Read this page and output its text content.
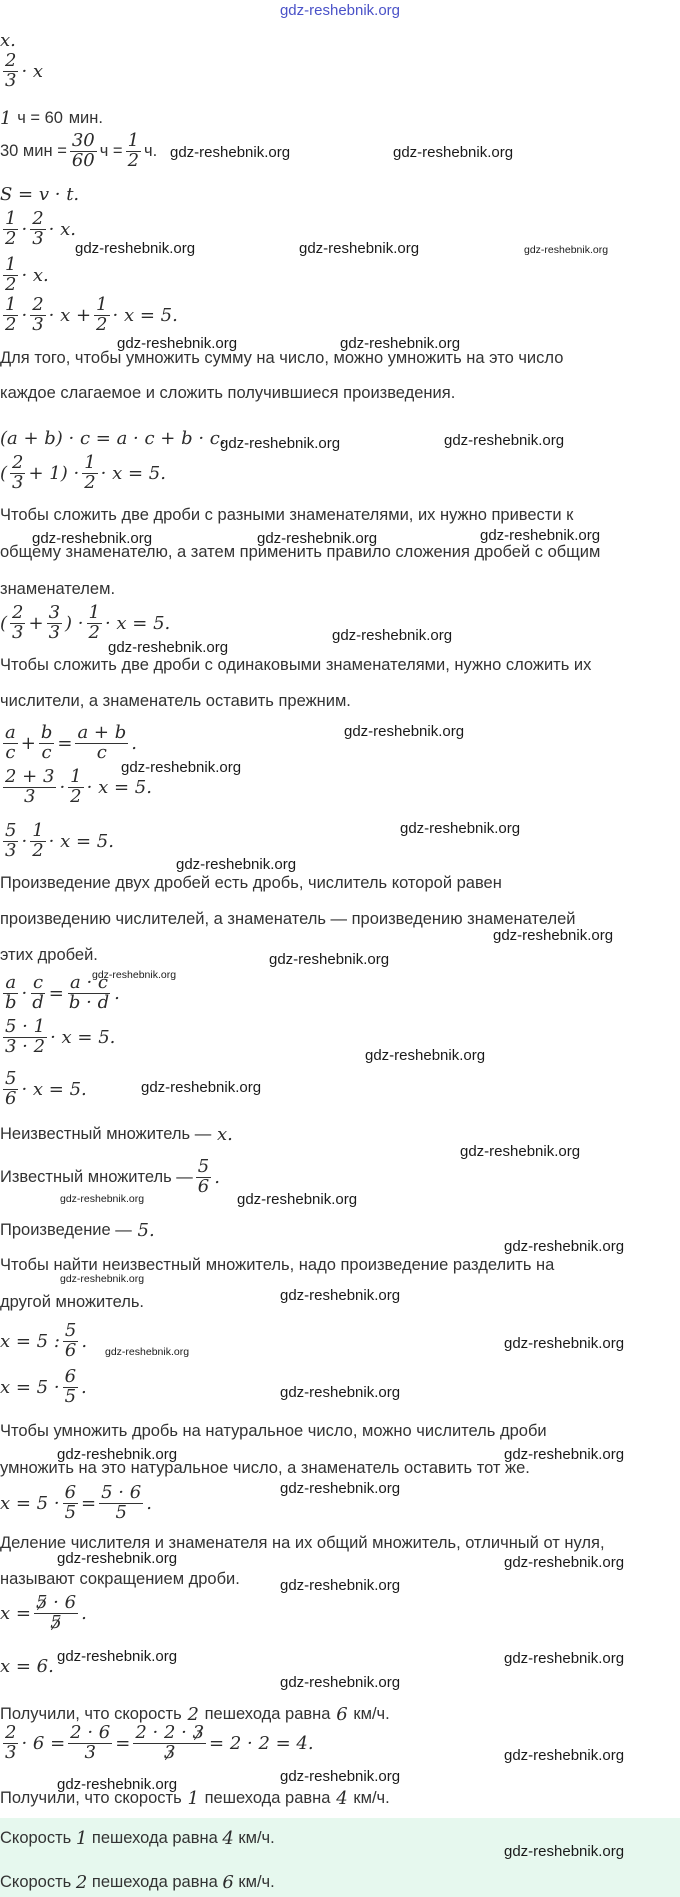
gdz-reshebnik.org
x.
2
3 · x
1
ч = 60
мин.
30 мин = $\frac{30}{60}$ $ч = \frac{1}{2} ч$.
S = v · t.
1
2 ·
2
3 · x.
1
2 · x.
1
2 ·
2
$3 \cdot x + \frac{1}{2} \cdot x = 5$.
Для того, чтобы умножить сумму на число, можно умножить на это число
каждое слагаемое и сложить получившиеся произведения.
(a + b) · c = a · c + b · c.
(
2
3 + 1) ·
1
2 · x = 5.
Чтобы сложить две дроби с разными знаменателями, их нужно привести к
общему знаменателю, а затем применить правило сложения дробей с общим
знаменателем.
(
2
$3 + \frac{3}{3}$ ) ·
1
2 · x = 5.
Чтобы сложить две дроби с одинаковыми знаменателями, нужно сложить их
числители, а знаменатель оставить прежним.
a
$c + \frac{b}{c} = \frac{a + b}{c}$ .
2 + 3
3 ·
1
2 · x = 5.
5
3 ·
1
2 · x = 5.
Произведение двух дробей есть дробь, числитель которой равен
произведению числителей, а знаменатель — произведению знаменателей
этих дробей.
a
$b \cdot \frac{c}{d} = \frac{a \cdot c}{b \cdot d}$ .
5 · 1
3 · 2 · x = 5.
5
6 · x = 5.
Неизвестный множитель —
x.
Известный множитель — 5
6 .
Произведение —
5.
Чтобы найти неизвестный множитель, надо произведение разделить на
другой множитель.
x = 5 :
5
6 .
x = 5 ·
6
5 .
Чтобы умножить дробь на натуральное число, можно числитель дроби
умножить на это натуральное число, а знаменатель оставить тот же.
$x = 5 \cdot \frac{6}{5} = \frac{5 \cdot 6}{5}$ .
Деление числителя и знаменателя на их общий множитель, отличный от нуля,
называют сокращением дроби.
$x = \frac{5 \cdot 6}{5}$ .
x = 6.
Получили, что скорость
2
пешехода равна
6
км/ч.
2
$3 \cdot 6 = \frac{2 \cdot 6}{3} = \frac{2 \cdot 2 \cdot 3}{3} = 2 \cdot 2 = 4$.
Получили, что скорость
1
пешехода равна
4
км/ч.
Скорость
1
пешехода равна
4
км/ч.
Скорость
2
пешехода равна
6
км/ч.
gdz-reshebnik.org	gdz-reshebnik.org
gdz-reshebnik.org	gdz-reshebnik.org	gdz-reshebnik.org
gdz-reshebnik.org	gdz-reshebnik.org
gdz-reshebnik.org	gdz-reshebnik.org
gdz-reshebnik.org	gdz-reshebnik.org	gdz-reshebnik.org
gdz-reshebnik.org
gdz-reshebnik.org
gdz-reshebnik.org
gdz-reshebnik.org
gdz-reshebnik.org
gdz-reshebnik.org
gdz-reshebnik.org
gdz-reshebnik.org
gdz-reshebnik.org
gdz-reshebnik.org
gdz-reshebnik.org
gdz-reshebnik.org
gdz-reshebnik.org	gdz-reshebnik.org
gdz-reshebnik.org
gdz-reshebnik.org
gdz-reshebnik.org
gdz-reshebnik.org	gdz-reshebnik.org
gdz-reshebnik.org
gdz-reshebnik.org	gdz-reshebnik.org
gdz-reshebnik.org
gdz-reshebnik.org	gdz-reshebnik.org
gdz-reshebnik.org
gdz-reshebnik.org	gdz-reshebnik.org
gdz-reshebnik.org
gdz-reshebnik.org
gdz-reshebnik.org	gdz-reshebnik.org
gdz-reshebnik.org
